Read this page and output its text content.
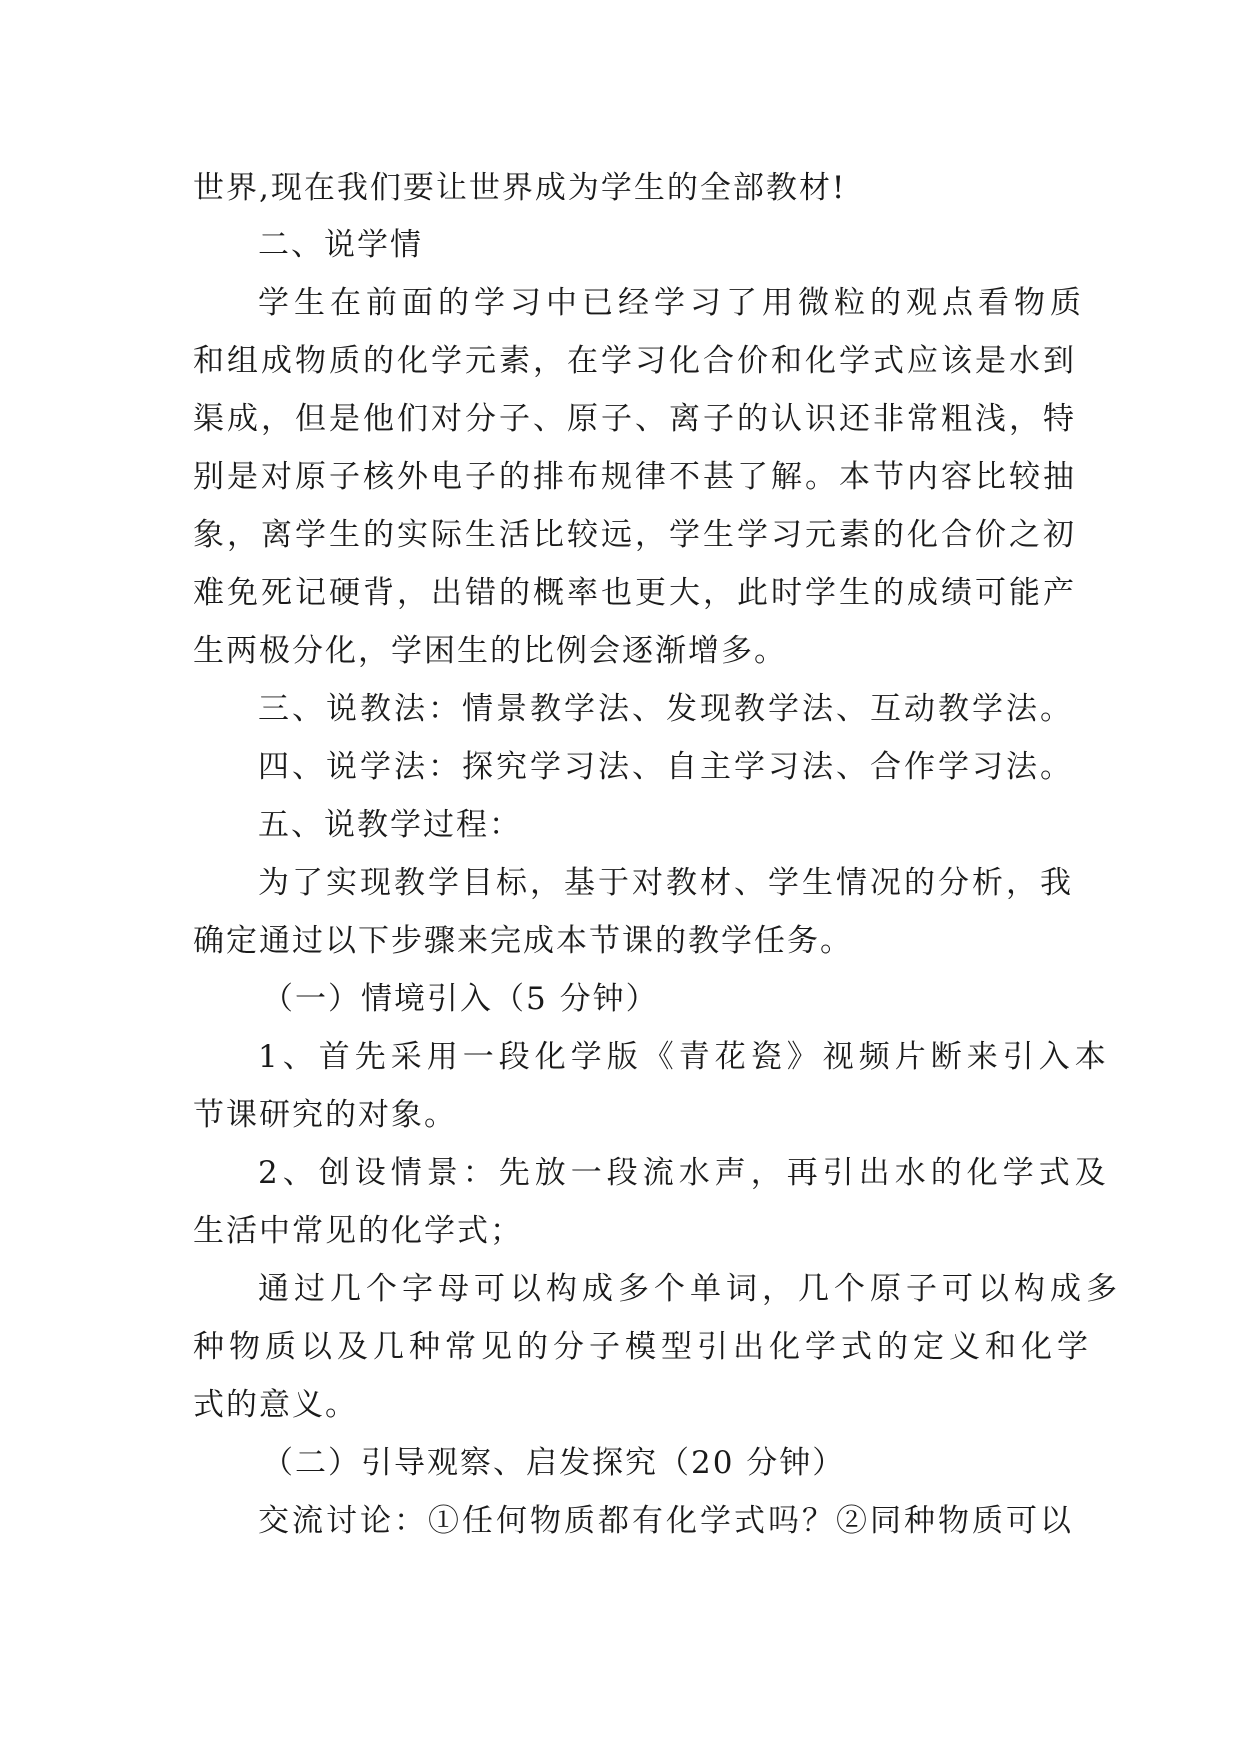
世界,现在我们要让世界成为学生的全部教材!

二、说学情

学生在前面的学习中已经学习了用微粒的观点看物质

和组成物质的化学元素，在学习化合价和化学式应该是水到

渠成，但是他们对分子、原子、离子的认识还非常粗浅，特

别是对原子核外电子的排布规律不甚了解。本节内容比较抽

象，离学生的实际生活比较远，学生学习元素的化合价之初

难免死记硬背，出错的概率也更大，此时学生的成绩可能产

生两极分化，学困生的比例会逐渐增多。

三、说教法：情景教学法、发现教学法、互动教学法。

四、说学法：探究学习法、自主学习法、合作学习法。

五、说教学过程：

为了实现教学目标，基于对教材、学生情况的分析，我

确定通过以下步骤来完成本节课的教学任务。

（一）情境引入（5 分钟）

1、首先采用一段化学版《青花瓷》视频片断来引入本

节课研究的对象。

2、创设情景：先放一段流水声，再引出水的化学式及

生活中常见的化学式；

通过几个字母可以构成多个单词，几个原子可以构成多

种物质以及几种常见的分子模型引出化学式的定义和化学

式的意义。

（二）引导观察、启发探究（20 分钟）

交流讨论：①任何物质都有化学式吗？②同种物质可以
